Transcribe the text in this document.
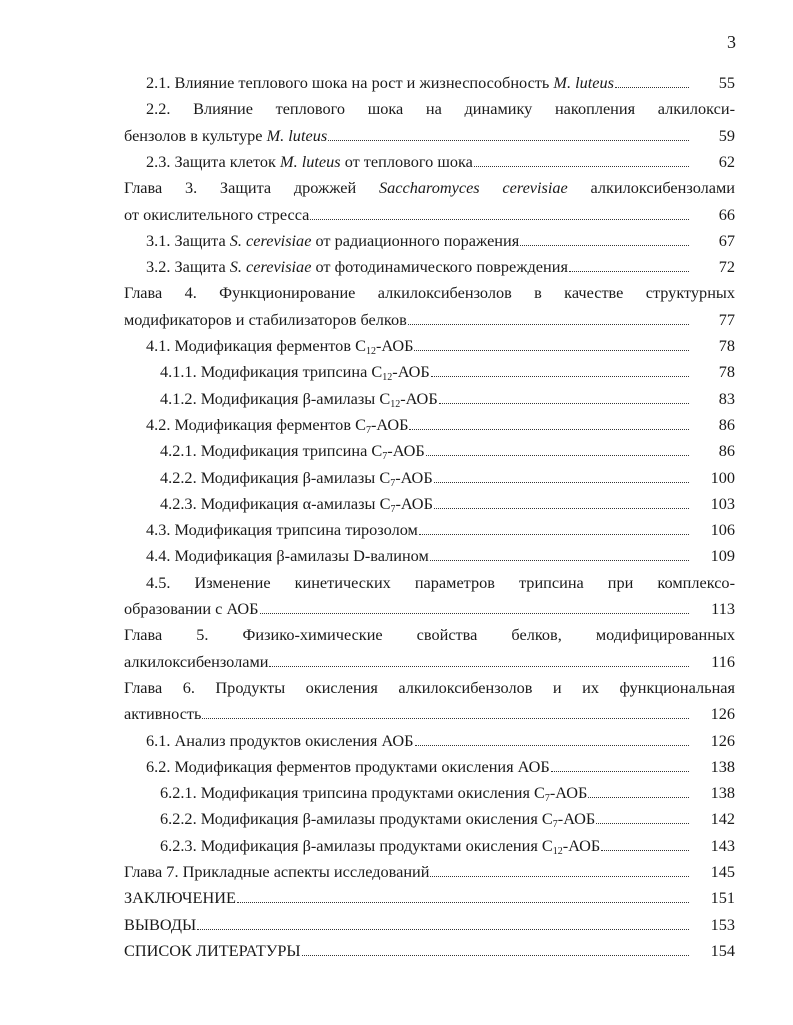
3
2.1. Влияние теплового шока на рост и жизнеспособность M. luteus	55
2.2. Влияние теплового шока на динамику накопления алкилокси-
бензолов в культуре M. luteus	59
2.3. Защита клеток M. luteus от теплового шока	62
Глава 3. Защита дрожжей Saccharomyces cerevisiae алкилоксибензолами
от окислительного стресса	66
3.1. Защита S. cerevisiae от радиационного поражения	67
3.2. Защита S. cerevisiae от фотодинамического повреждения	72
Глава 4. Функционирование алкилоксибензолов в качестве структурных
модификаторов и стабилизаторов белков	77
4.1. Модификация ферментов $С_{12}$-АОБ	78
4.1.1. Модификация трипсина $С_{12}$-АОБ	78
4.1.2. Модификация β-амилазы $С_{12}$-АОБ	83
4.2. Модификация ферментов $С_7$-АОБ	86
4.2.1. Модификация трипсина $С_7$-АОБ	86
4.2.2. Модификация β-амилазы $С_7$-АОБ	100
4.2.3. Модификация α-амилазы $С_7$-АОБ	103
4.3. Модификация трипсина тирозолом	106
4.4. Модификация β-амилазы D-валином	109
4.5. Изменение кинетических параметров трипсина при комплексо-
образовании с АОБ	113
Глава 5. Физико-химические свойства белков, модифицированных
алкилоксибензолами	116
Глава 6. Продукты окисления алкилоксибензолов и их функциональная
активность	126
6.1. Анализ продуктов окисления АОБ	126
6.2. Модификация ферментов продуктами окисления АОБ	138
6.2.1. Модификация трипсина продуктами окисления $С_7$-АОБ	138
6.2.2. Модификация β-амилазы продуктами окисления $С_7$-АОБ	142
6.2.3. Модификация β-амилазы продуктами окисления $С_{12}$-АОБ	143
Глава 7. Прикладные аспекты исследований	145
ЗАКЛЮЧЕНИЕ	151
ВЫВОДЫ	153
СПИСОК ЛИТЕРАТУРЫ	154
